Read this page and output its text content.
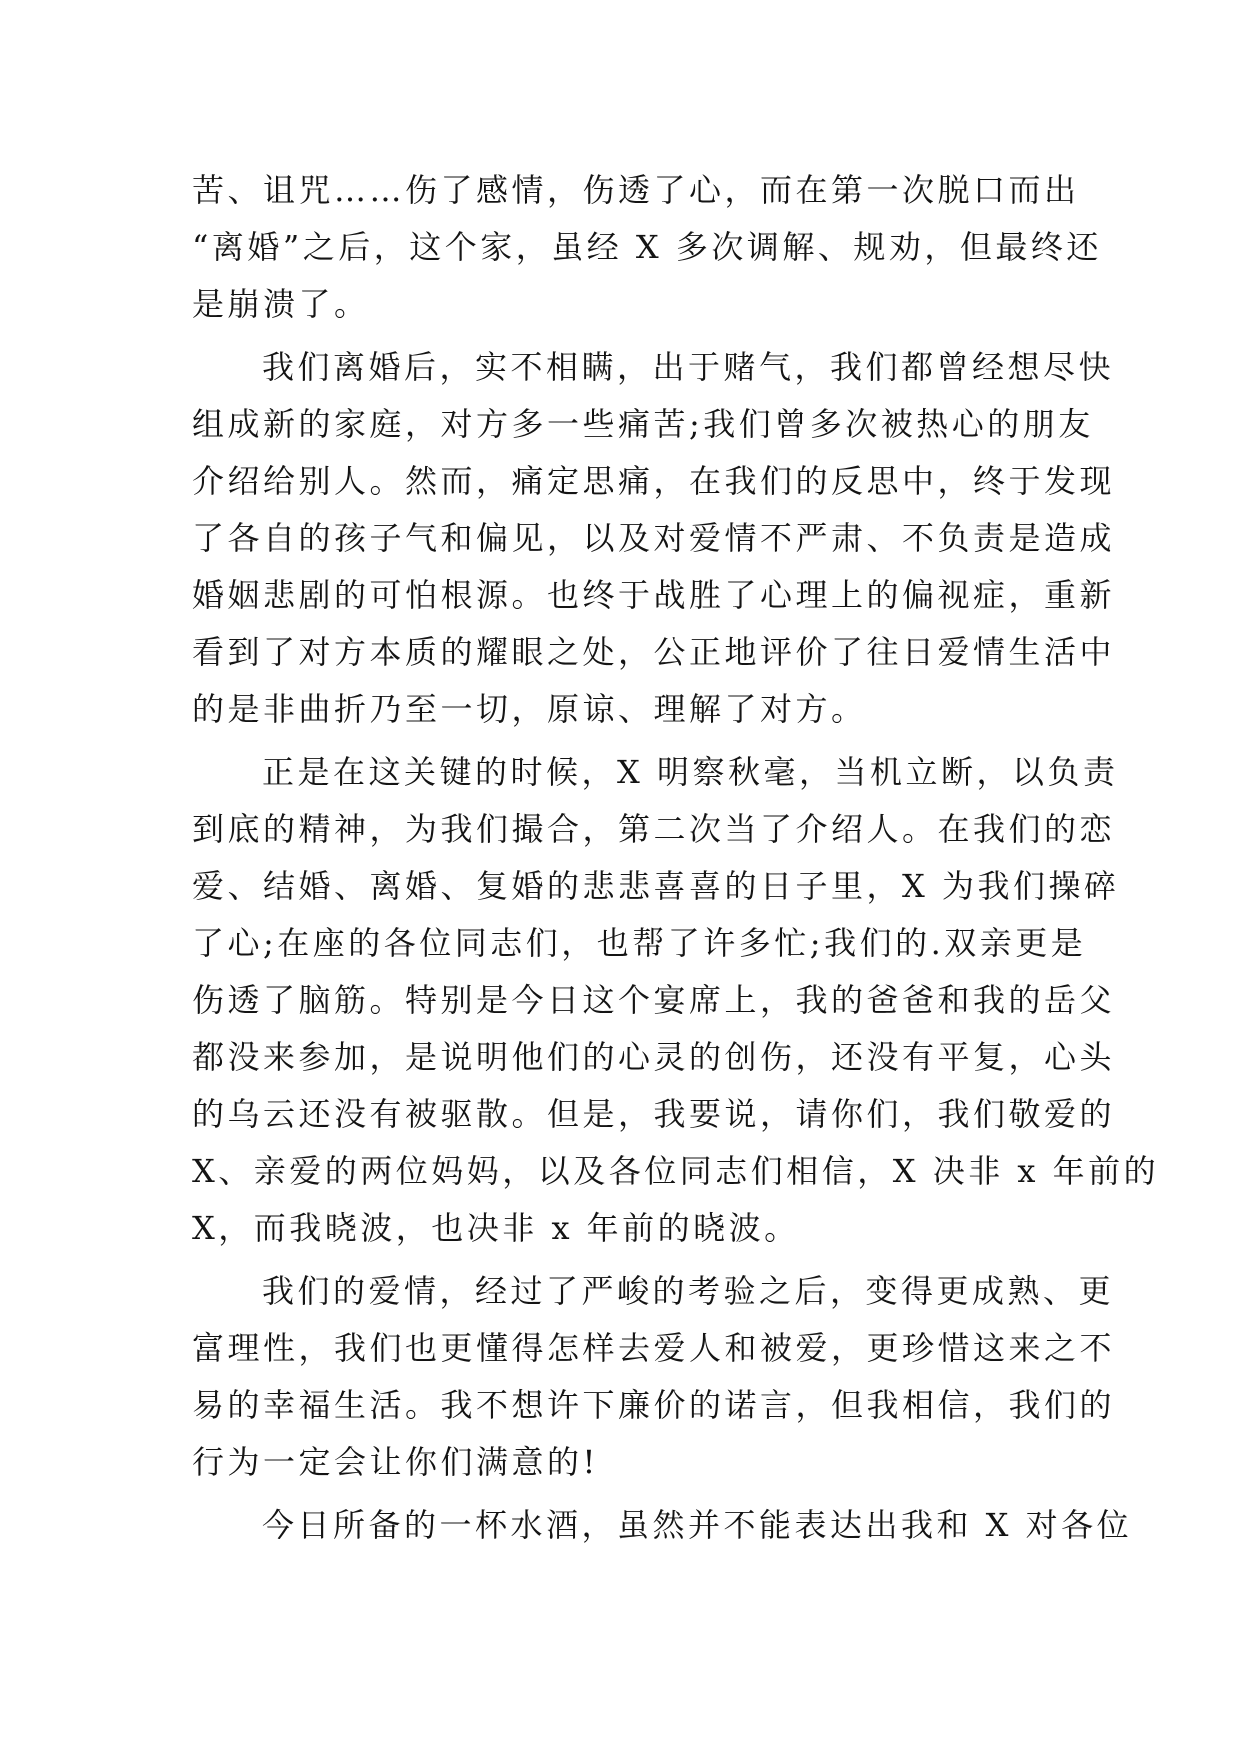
苦、诅咒……伤了感情，伤透了心，而在第一次脱口而出
“离婚”之后，这个家，虽经 X 多次调解、规劝，但最终还
是崩溃了。
我们离婚后，实不相瞒，出于赌气，我们都曾经想尽快
组成新的家庭，对方多一些痛苦;我们曾多次被热心的朋友
介绍给别人。然而，痛定思痛，在我们的反思中，终于发现
了各自的孩子气和偏见，以及对爱情不严肃、不负责是造成
婚姻悲剧的可怕根源。也终于战胜了心理上的偏视症，重新
看到了对方本质的耀眼之处，公正地评价了往日爱情生活中
的是非曲折乃至一切，原谅、理解了对方。
正是在这关键的时候，X 明察秋毫，当机立断，以负责
到底的精神，为我们撮合，第二次当了介绍人。在我们的恋
爱、结婚、离婚、复婚的悲悲喜喜的日子里，X 为我们操碎
了心;在座的各位同志们，也帮了许多忙;我们的.双亲更是
伤透了脑筋。特别是今日这个宴席上，我的爸爸和我的岳父
都没来参加，是说明他们的心灵的创伤，还没有平复，心头
的乌云还没有被驱散。但是，我要说，请你们，我们敬爱的
X、亲爱的两位妈妈，以及各位同志们相信，X 决非 x 年前的
X，而我晓波，也决非 x 年前的晓波。
我们的爱情，经过了严峻的考验之后，变得更成熟、更
富理性，我们也更懂得怎样去爱人和被爱，更珍惜这来之不
易的幸福生活。我不想许下廉价的诺言，但我相信，我们的
行为一定会让你们满意的!
今日所备的一杯水酒，虽然并不能表达出我和 X 对各位
